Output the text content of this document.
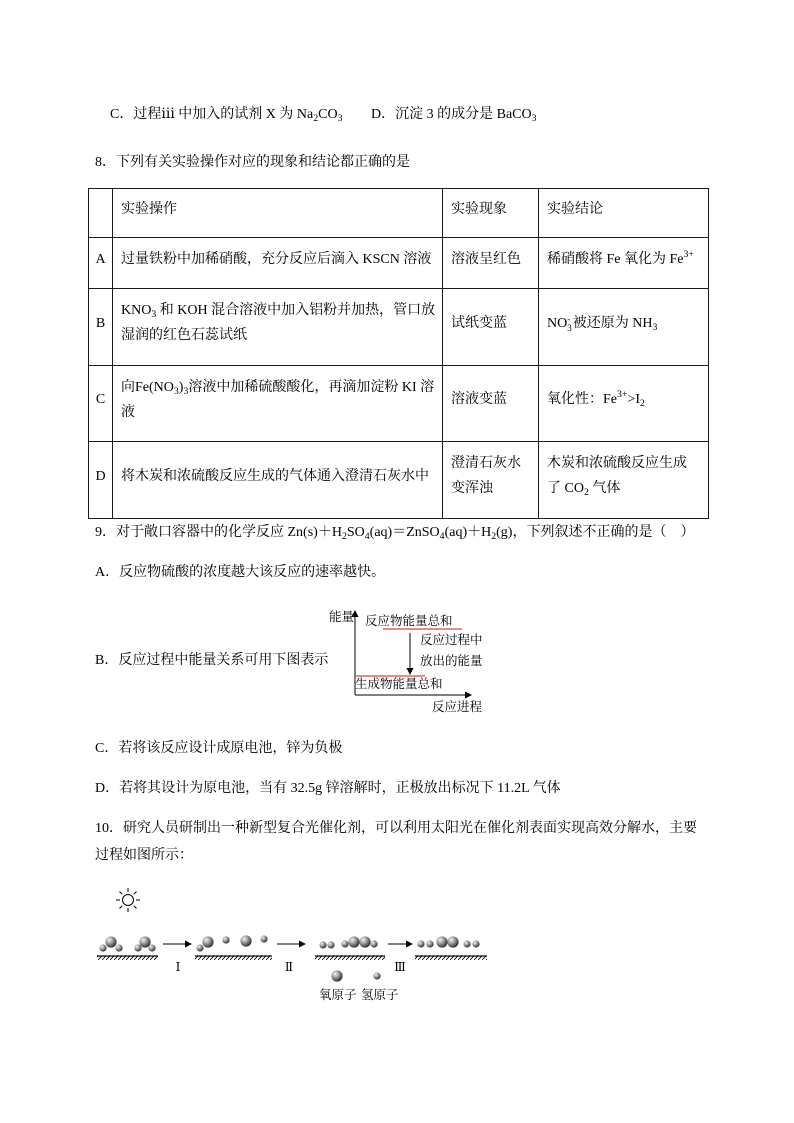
C．过程ⅲ 中加入的试剂 X 为 $Na_2CO_3$ D．沉淀 3 的成分是 BaCO$_3$
8．下列有关实验操作对应的现象和结论都正确的是

	实验操作	实验现象	实验结论

A	过量铁粉中加稀硝酸，充分反应后滴入 KSCN 溶液	溶液呈红色	稀硝酸将 Fe 氧化为 $Fe^{3+}$

B	$KNO_3$ 和 KOH 混合溶液中加入铝粉并加热，管口放
湿润的红色石蕊试纸	试纸变蓝	NO -
3 被还原为 $NH_3$

C	向$Fe(NO_3)_3$溶液中加稀硫酸酸化，再滴加淀粉 KI 溶
液	溶液变蓝	氧化性：$Fe^{3+}>I_2$

D	将木炭和浓硫酸反应生成的气体通入澄清石灰水中	澄清石灰水
变浑浊	木炭和浓硫酸反应生成
了 $CO_2$ 气体
9．对于敞口容器中的化学反应 $Zn(s)+H_2SO_4(aq)=ZnSO_4(aq)+H_2(g)$，下列叙述不正确的是（　）
A．反应物硫酸的浓度越大该反应的速率越快。
B．反应过程中能量关系可用下图表示
能量 反应物能量总和
反应过程中
放出的能量
生成物能量总和
反应进程
C．若将该反应设计成原电池，锌为负极
D．若将其设计为原电池，当有 32.5g 锌溶解时，正极放出标况下 11.2L 气体
10．研究人员研制出一种新型复合光催化剂，可以利用太阳光在催化剂表面实现高效分解水，主要
过程如图所示：
Ⅰ	Ⅱ	Ⅲ
氧原子 氢原子
